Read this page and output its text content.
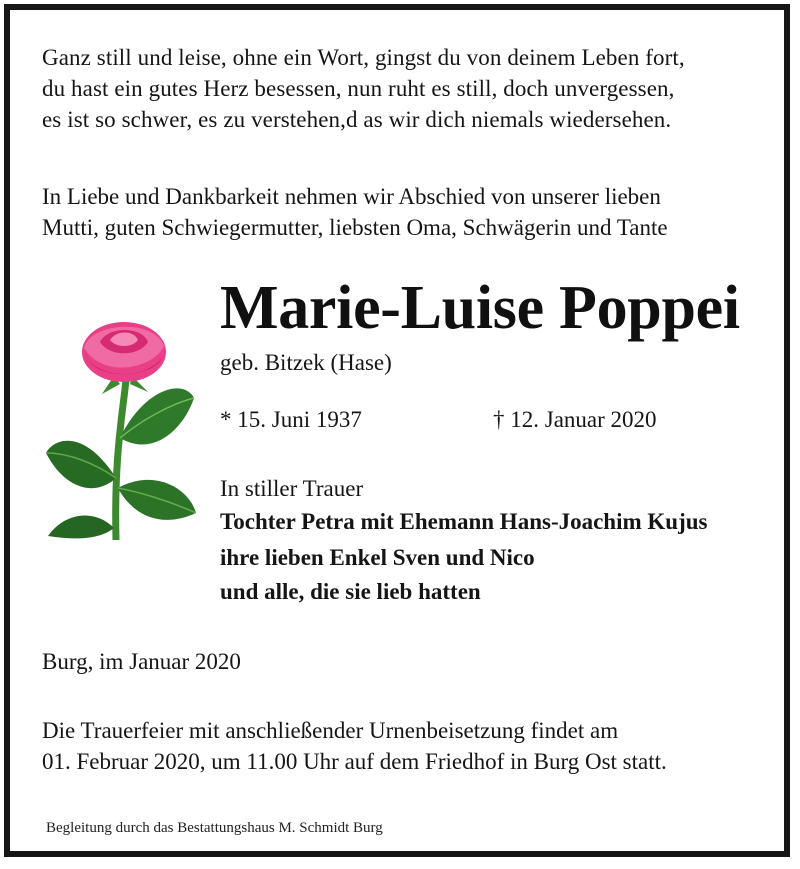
Ganz still und leise, ohne ein Wort, gingst du von deinem Leben fort,
du hast ein gutes Herz besessen, nun ruht es still, doch unvergessen,
es ist so schwer, es zu verstehen,d as wir dich niemals wiedersehen.
In Liebe und Dankbarkeit nehmen wir Abschied von unserer lieben
Mutti, guten Schwiegermutter, liebsten Oma, Schwägerin und Tante
Marie-Luise Poppei
geb. Bitzek (Hase)
* 15. Juni 1937	† 12. Januar 2020
In stiller Trauer
Tochter Petra mit Ehemann Hans-Joachim Kujus
ihre lieben Enkel Sven und Nico
und alle, die sie lieb hatten
Burg, im Januar 2020
Die Trauerfeier mit anschließender Urnenbeisetzung findet am
01. Februar 2020, um 11.00 Uhr auf dem Friedhof in Burg Ost statt.
Begleitung durch das Bestattungshaus M. Schmidt Burg
